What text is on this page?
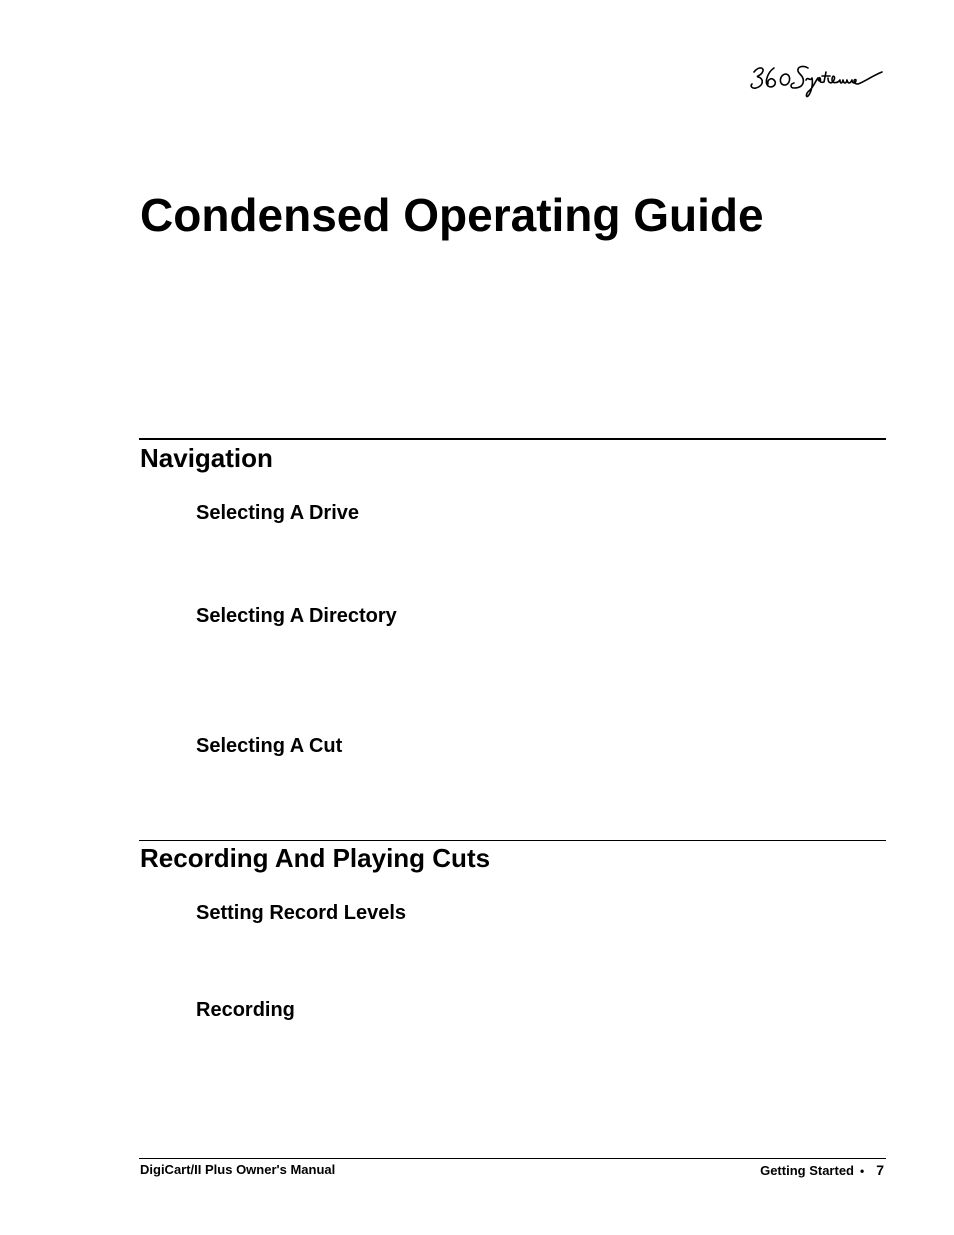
Condensed Operating Guide
Navigation
Selecting A Drive
Selecting A Directory
Selecting A Cut
Recording And Playing Cuts
Setting Record Levels
Recording
DigiCart/II Plus Owner's Manual	Getting Started • 7
